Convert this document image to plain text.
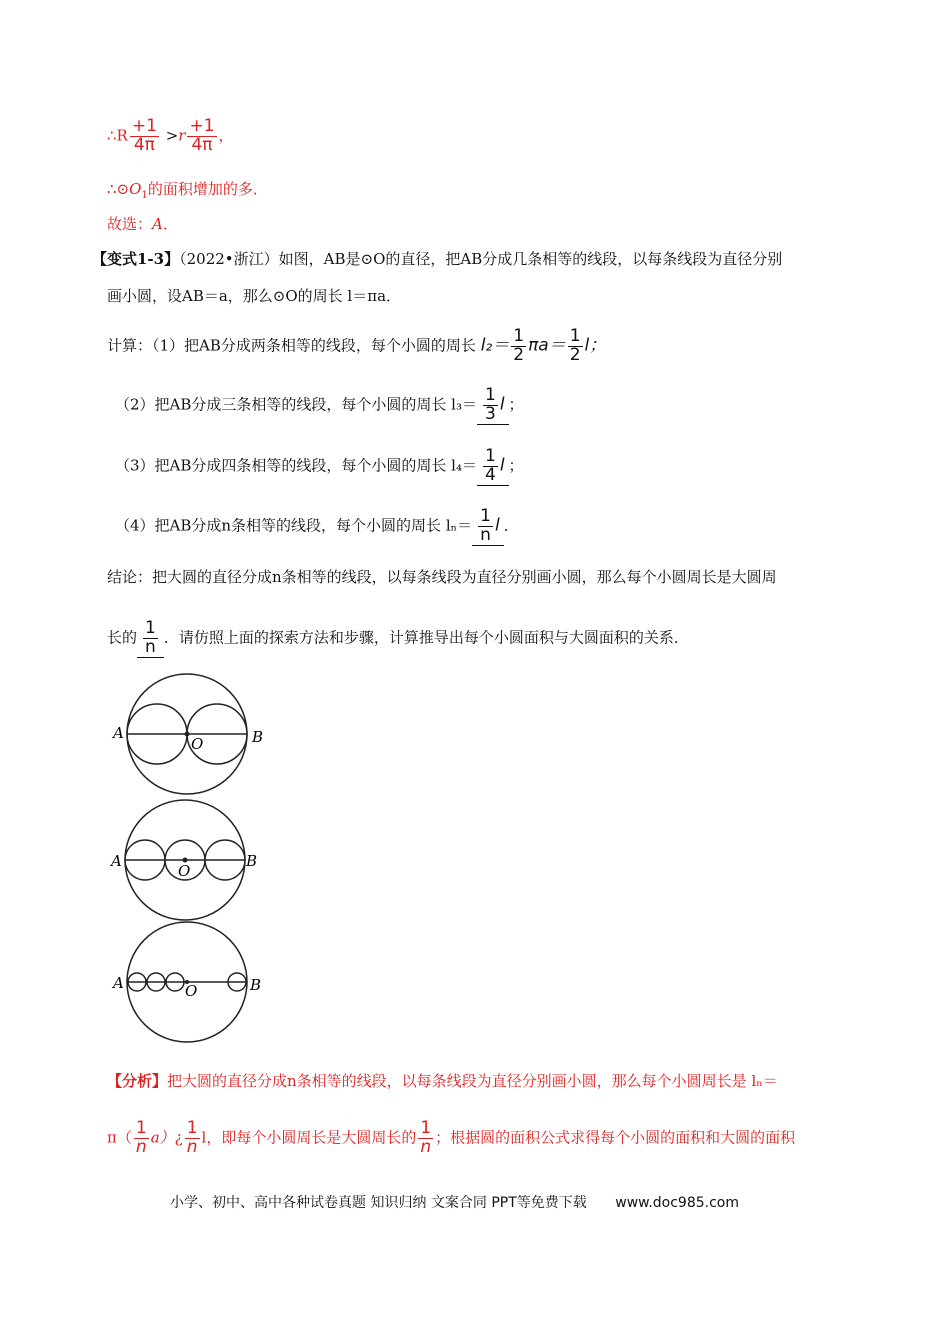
∴R $\frac{+1}{4\pi} >r \frac{+1}{4\pi}$ ，
$\therefore⊙O_1$的面积增加的多．
故选：A．
【变式1-3】（2022•浙江）如图，AB是⊙O的直径，把AB分成几条相等的线段，以每条线段为直径分别
画小圆，设AB＝a，那么⊙O的周长 l＝πa．
计算：（1）把AB分成两条相等的线段，每个小圆的周长 $l_2= \frac{1}{2} \pi a= \frac{1}{2}$ l；
（2）把AB分成三条相等的线段，每个小圆的周长 $l_3= \frac{1}{3}$ l ；
（3）把AB分成四条相等的线段，每个小圆的周长 $l_4= \frac{1}{4}$ l ；
（4）把AB分成n条相等的线段，每个小圆的周长 $l_n= \frac{1}{n}$ l ．
结论：把大圆的直径分成n条相等的线段，以每条线段为直径分别画小圆，那么每个小圆周长是大圆周
长的 $\frac{1}{n}$ ．请仿照上面的探索方法和步骤，计算推导出每个小圆面积与大圆面积的关系．
A	B
O
A	B
O
A	B
O
【分析】把大圆的直径分成n条相等的线段，以每条线段为直径分别画小圆，那么每个小圆周长是 lₙ＝
$\pi( \frac{1}{n}$ a）¿ $\frac{1}{n}$ l，即每个小圆周长是大圆周长的 $\frac{1}{n}$ ；根据圆的面积公式求得每个小圆的面积和大圆的面积
小学、初中、高中各种试卷真题 知识归纳 文案合同 PPT等免费下载 www.doc985.com
